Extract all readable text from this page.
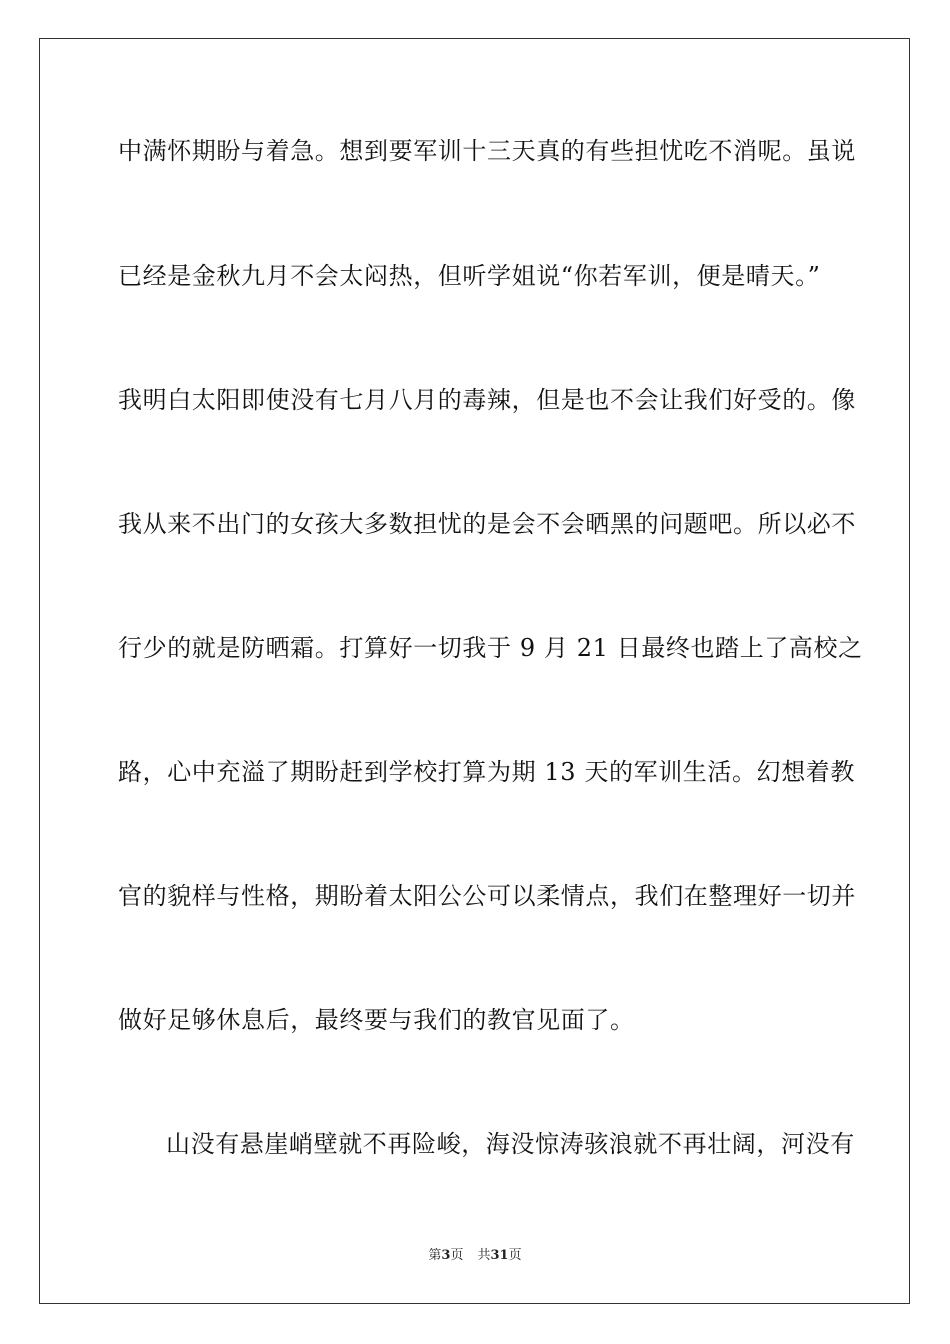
中满怀期盼与着急。想到要军训十三天真的有些担忧吃不消呢。虽说
已经是金秋九月不会太闷热，但听学姐说“你若军训，便是晴天。”
我明白太阳即使没有七月八月的毒辣，但是也不会让我们好受的。像
我从来不出门的女孩大多数担忧的是会不会晒黑的问题吧。所以必不
行少的就是防晒霜。打算好一切我于 9 月 21 日最终也踏上了高校之
路，心中充溢了期盼赶到学校打算为期 13 天的军训生活。幻想着教
官的貌样与性格，期盼着太阳公公可以柔情点，我们在整理好一切并
做好足够休息后，最终要与我们的教官见面了。
山没有悬崖峭壁就不再险峻，海没惊涛骇浪就不再壮阔，河没有
第3页 共31页
